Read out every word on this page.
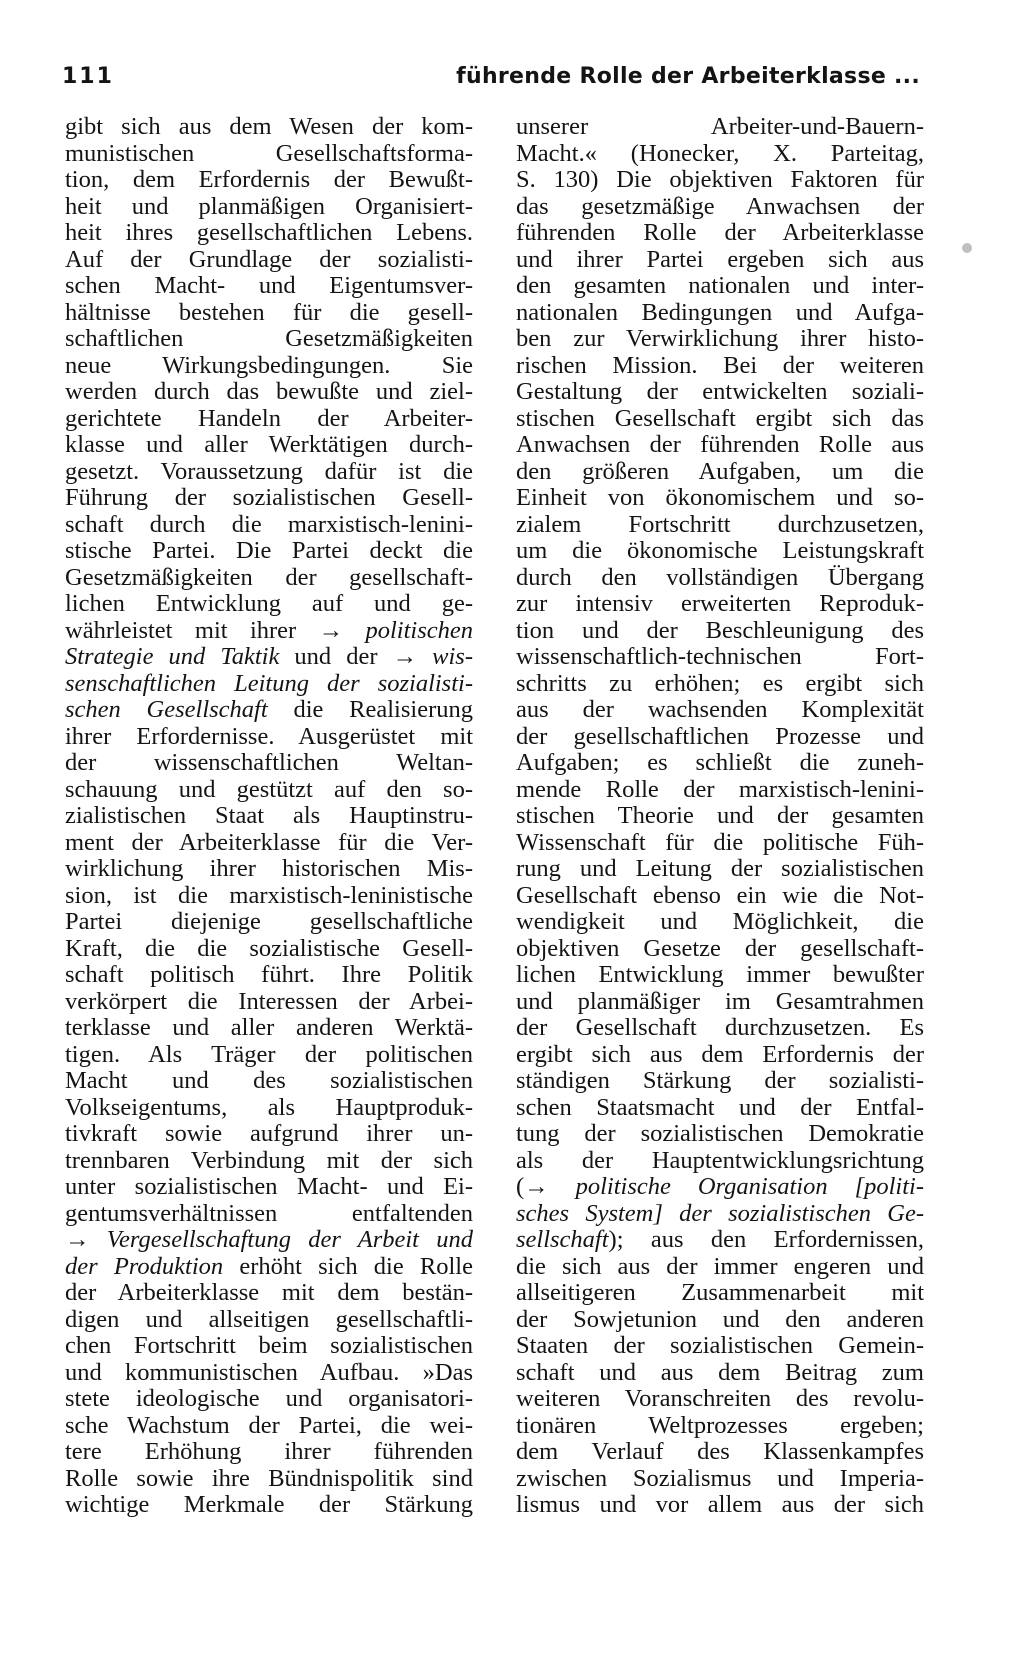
111	führende Rolle der Arbeiterklasse ...
gibt sich aus dem Wesen der kom-
munistischen Gesellschaftsforma-
tion, dem Erfordernis der Bewußt-
heit und planmäßigen Organisiert-
heit ihres gesellschaftlichen Lebens.
Auf der Grundlage der sozialisti-
schen Macht- und Eigentumsver-
hältnisse bestehen für die gesell-
schaftlichen Gesetzmäßigkeiten
neue Wirkungsbedingungen. Sie
werden durch das bewußte und ziel-
gerichtete Handeln der Arbeiter-
klasse und aller Werktätigen durch-
gesetzt. Voraussetzung dafür ist die
Führung der sozialistischen Gesell-
schaft durch die marxistisch-lenini-
stische Partei. Die Partei deckt die
Gesetzmäßigkeiten der gesellschaft-
lichen Entwicklung auf und ge-
währleistet mit ihrer → politischen
Strategie und Taktik und der → wis-
senschaftlichen Leitung der sozialisti-
schen Gesellschaft die Realisierung
ihrer Erfordernisse. Ausgerüstet mit
der wissenschaftlichen Weltan-
schauung und gestützt auf den so-
zialistischen Staat als Hauptinstru-
ment der Arbeiterklasse für die Ver-
wirklichung ihrer historischen Mis-
sion, ist die marxistisch-leninistische
Partei diejenige gesellschaftliche
Kraft, die die sozialistische Gesell-
schaft politisch führt. Ihre Politik
verkörpert die Interessen der Arbei-
terklasse und aller anderen Werktä-
tigen. Als Träger der politischen
Macht und des sozialistischen
Volkseigentums, als Hauptproduk-
tivkraft sowie aufgrund ihrer un-
trennbaren Verbindung mit der sich
unter sozialistischen Macht- und Ei-
gentumsverhältnissen entfaltenden
→ Vergesellschaftung der Arbeit und
der Produktion erhöht sich die Rolle
der Arbeiterklasse mit dem bestän-
digen und allseitigen gesellschaftli-
chen Fortschritt beim sozialistischen
und kommunistischen Aufbau. »Das
stete ideologische und organisatori-
sche Wachstum der Partei, die wei-
tere Erhöhung ihrer führenden
Rolle sowie ihre Bündnispolitik sind
wichtige Merkmale der Stärkung
unserer Arbeiter-und-Bauern-
Macht.« (Honecker, X. Parteitag,
S. 130) Die objektiven Faktoren für
das gesetzmäßige Anwachsen der
führenden Rolle der Arbeiterklasse
und ihrer Partei ergeben sich aus
den gesamten nationalen und inter-
nationalen Bedingungen und Aufga-
ben zur Verwirklichung ihrer histo-
rischen Mission. Bei der weiteren
Gestaltung der entwickelten soziali-
stischen Gesellschaft ergibt sich das
Anwachsen der führenden Rolle aus
den größeren Aufgaben, um die
Einheit von ökonomischem und so-
zialem Fortschritt durchzusetzen,
um die ökonomische Leistungskraft
durch den vollständigen Übergang
zur intensiv erweiterten Reproduk-
tion und der Beschleunigung des
wissenschaftlich-technischen Fort-
schritts zu erhöhen; es ergibt sich
aus der wachsenden Komplexität
der gesellschaftlichen Prozesse und
Aufgaben; es schließt die zuneh-
mende Rolle der marxistisch-lenini-
stischen Theorie und der gesamten
Wissenschaft für die politische Füh-
rung und Leitung der sozialistischen
Gesellschaft ebenso ein wie die Not-
wendigkeit und Möglichkeit, die
objektiven Gesetze der gesellschaft-
lichen Entwicklung immer bewußter
und planmäßiger im Gesamtrahmen
der Gesellschaft durchzusetzen. Es
ergibt sich aus dem Erfordernis der
ständigen Stärkung der sozialisti-
schen Staatsmacht und der Entfal-
tung der sozialistischen Demokratie
als der Hauptentwicklungsrichtung
(→ politische Organisation [politi-
sches System] der sozialistischen Ge-
sellschaft); aus den Erfordernissen,
die sich aus der immer engeren und
allseitigeren Zusammenarbeit mit
der Sowjetunion und den anderen
Staaten der sozialistischen Gemein-
schaft und aus dem Beitrag zum
weiteren Voranschreiten des revolu-
tionären Weltprozesses ergeben;
dem Verlauf des Klassenkampfes
zwischen Sozialismus und Imperia-
lismus und vor allem aus der sich
